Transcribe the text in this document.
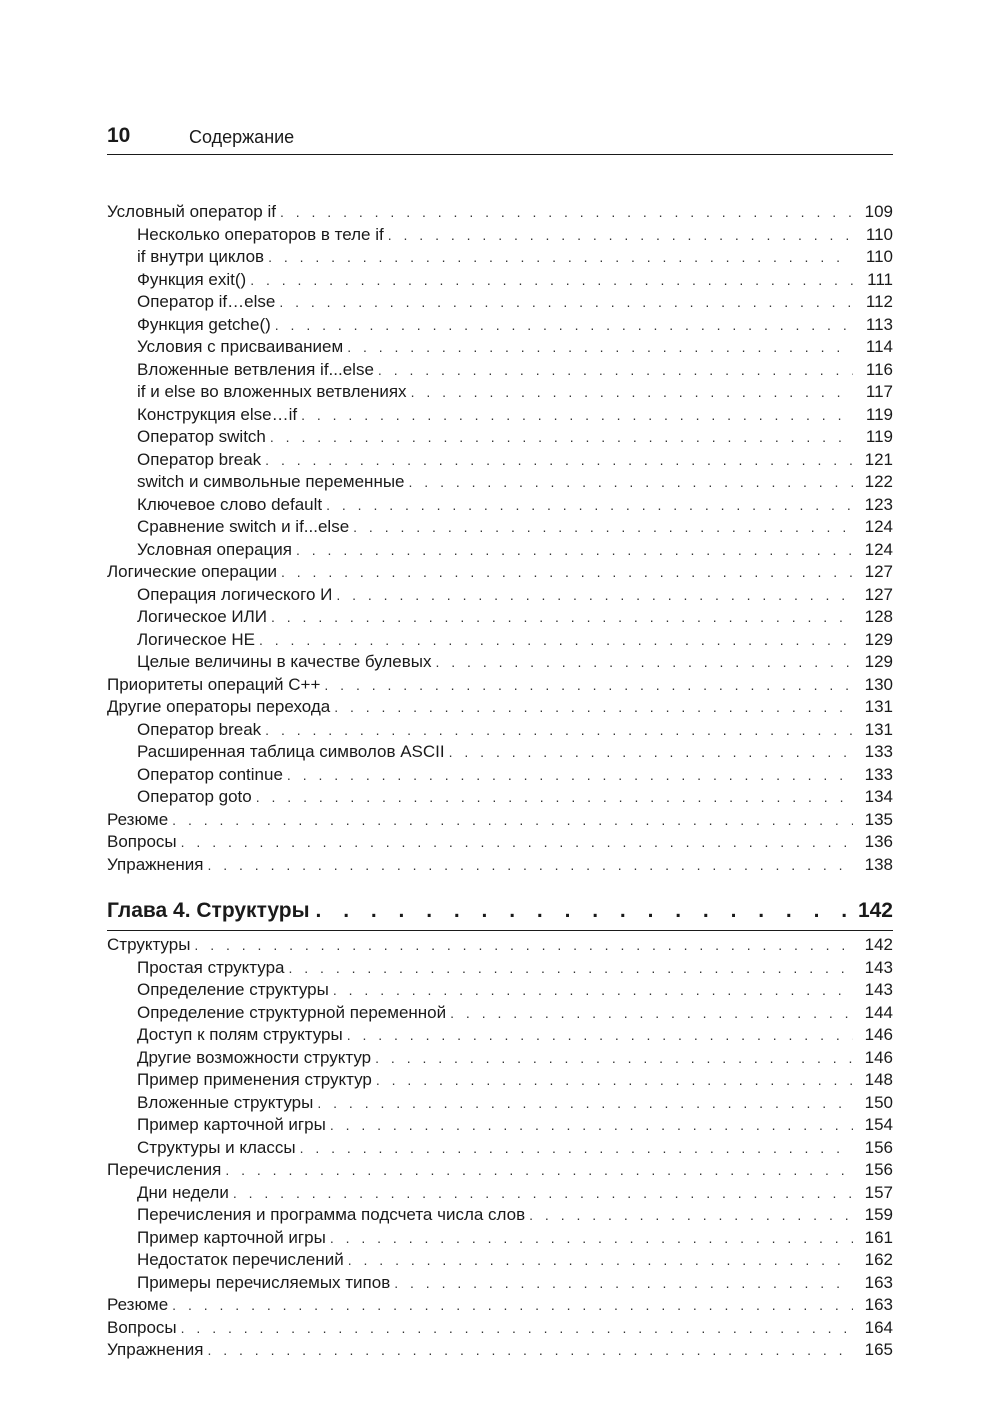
10	Содержание
Условный оператор if . . .	109
Несколько операторов в теле if . . .	110
if внутри циклов . . .	110
Функция exit() . . .	111
Оператор if…else . . .	112
Функция getche() . . .	113
Условия с присваиванием . . .	114
Вложенные ветвления if...else . . .	116
if и else во вложенных ветвлениях . . .	117
Конструкция else…if . . .	119
Оператор switch . . .	119
Оператор break . . .	121
switch и символьные переменные . . .	122
Ключевое слово default . . .	123
Сравнение switch и if...else . . .	124
Условная операция . . .	124
Логические операции . . .	127
Операция логического И . . .	127
Логическое ИЛИ . . .	128
Логическое НЕ . . .	129
Целые величины в качестве булевых . . .	129
Приоритеты операций C++ . . .	130
Другие операторы перехода . . .	131
Оператор break . . .	131
Расширенная таблица символов ASCII . . .	133
Оператор continue . . .	133
Оператор goto . . .	134
Резюме . . .	135
Вопросы . . .	136
Упражнения . . .	138
Глава 4. Структуры . . .	142
Структуры . . .	142
Простая структура . . .	143
Определение структуры . . .	143
Определение структурной переменной . . .	144
Доступ к полям структуры . . .	146
Другие возможности структур . . .	146
Пример применения структур . . .	148
Вложенные структуры . . .	150
Пример карточной игры . . .	154
Структуры и классы . . .	156
Перечисления . . .	156
Дни недели . . .	157
Перечисления и программа подсчета числа слов . . .	159
Пример карточной игры . . .	161
Недостаток перечислений . . .	162
Примеры перечисляемых типов . . .	163
Резюме . . .	163
Вопросы . . .	164
Упражнения . . .	165
